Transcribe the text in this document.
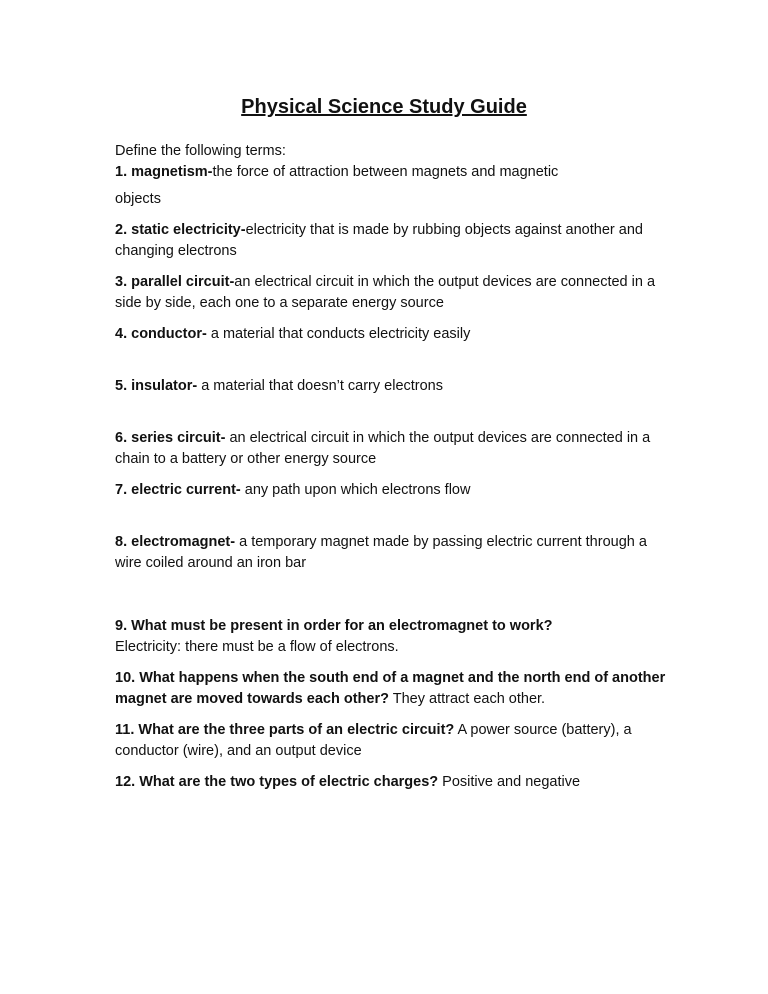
Physical Science Study Guide
Define the following terms:
1. magnetism-the force of attraction between magnets and magnetic
objects
2. static electricity-electricity that is made by rubbing objects against another and changing electrons
3. parallel circuit-an electrical circuit in which the output devices are connected in a side by side, each one to a separate energy source
4. conductor- a material that conducts electricity easily
5. insulator- a material that doesn’t carry electrons
6. series circuit- an electrical circuit in which the output devices are connected in a chain to a battery or other energy source
7. electric current- any path upon which electrons flow
8. electromagnet- a temporary magnet made by passing electric current through a wire coiled around an iron bar
9. What must be present in order for an electromagnet to work?
Electricity: there must be a flow of electrons.
10. What happens when the south end of a magnet and the north end of another magnet are moved towards each other? They attract each other.
11. What are the three parts of an electric circuit? A power source (battery), a conductor (wire), and an output device
12. What are the two types of electric charges? Positive and negative
